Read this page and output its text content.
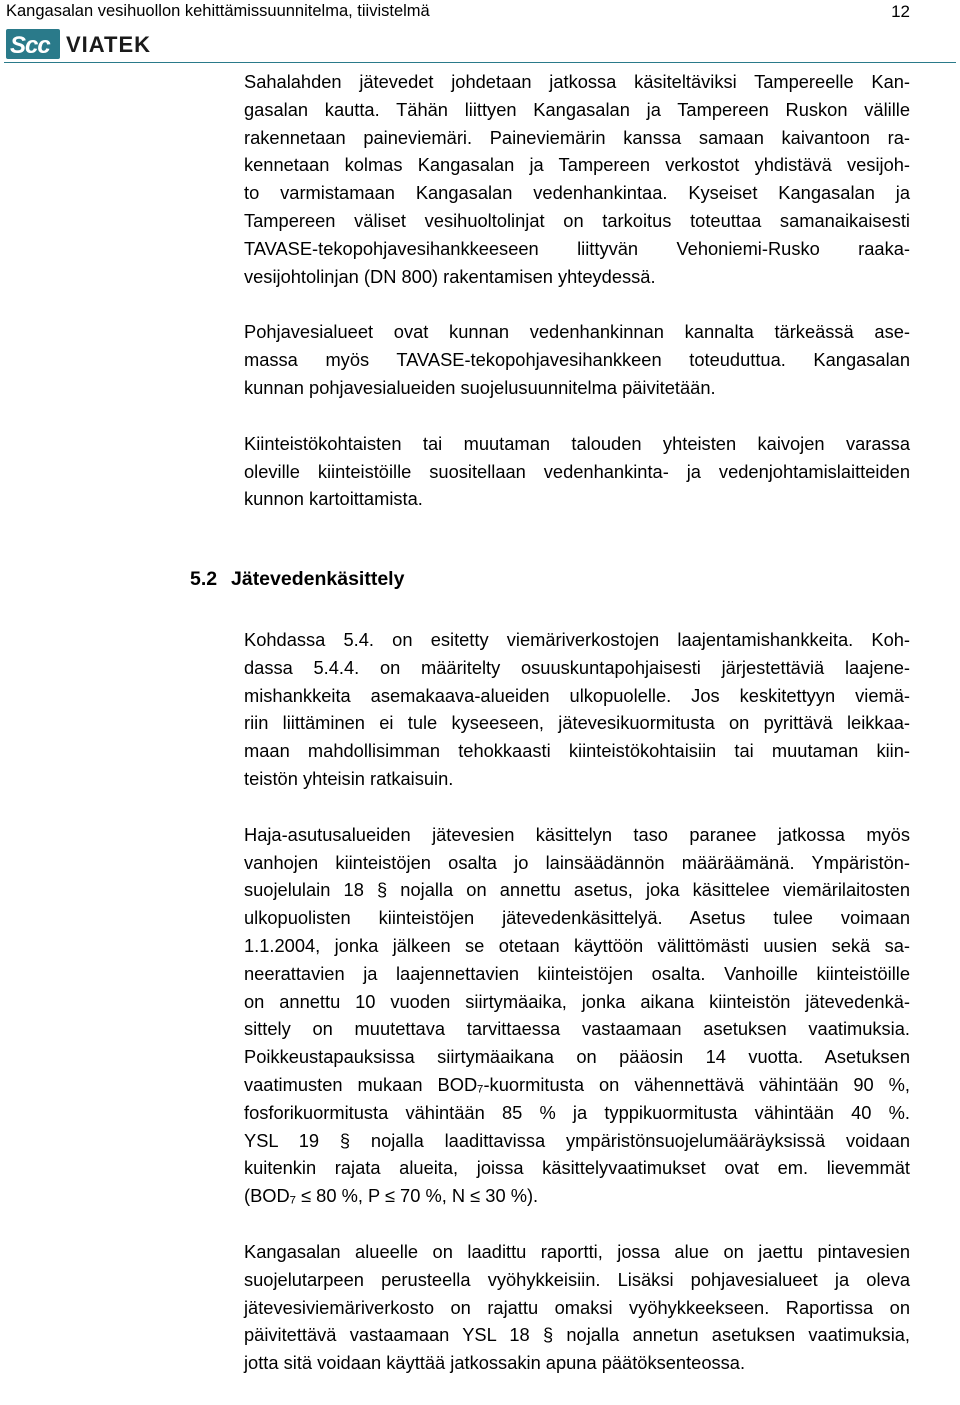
Kangasalan vesihuollon kehittämissuunnitelma, tiivistelmä	12
Scc VIATEK

Sahalahden jätevedet johdetaan jatkossa käsiteltäviksi Tampereelle Kan-
gasalan kautta. Tähän liittyen Kangasalan ja Tampereen Ruskon välille
rakennetaan paineviemäri. Paineviemärin kanssa samaan kaivantoon ra-
kennetaan kolmas Kangasalan ja Tampereen verkostot yhdistävä vesijoh-
to varmistamaan Kangasalan vedenhankintaa. Kyseiset Kangasalan ja
Tampereen väliset vesihuoltolinjat on tarkoitus toteuttaa samanaikaisesti
TAVASE-tekopohjavesihankkeeseen liittyvän Vehoniemi-Rusko raaka-
vesijohtolinjan (DN 800) rakentamisen yhteydessä.

Pohjavesialueet ovat kunnan vedenhankinnan kannalta tärkeässä ase-
massa myös TAVASE-tekopohjavesihankkeen toteuduttua. Kangasalan
kunnan pohjavesialueiden suojelusuunnitelma päivitetään.

Kiinteistökohtaisten tai muutaman talouden yhteisten kaivojen varassa
oleville kiinteistöille suositellaan vedenhankinta- ja vedenjohtamislaitteiden
kunnon kartoittamista.

5.2 Jätevedenkäsittely

Kohdassa 5.4. on esitetty viemäriverkostojen laajentamishankkeita. Koh-
dassa 5.4.4. on määritelty osuuskuntapohjaisesti järjestettäviä laajene-
mishankkeita asemakaava-alueiden ulkopuolelle. Jos keskitettyyn viemä-
riin liittäminen ei tule kyseeseen, jätevesikuormitusta on pyrittävä leikkaa-
maan mahdollisimman tehokkaasti kiinteistökohtaisiin tai muutaman kiin-
teistön yhteisin ratkaisuin.

Haja-asutusalueiden jätevesien käsittelyn taso paranee jatkossa myös
vanhojen kiinteistöjen osalta jo lainsäädännön määräämänä. Ympäristön-
suojelulain 18 § nojalla on annettu asetus, joka käsittelee viemärilaitosten
ulkopuolisten kiinteistöjen jätevedenkäsittelyä. Asetus tulee voimaan
1.1.2004, jonka jälkeen se otetaan käyttöön välittömästi uusien sekä sa-
neerattavien ja laajennettavien kiinteistöjen osalta. Vanhoille kiinteistöille
on annettu 10 vuoden siirtymäaika, jonka aikana kiinteistön jätevedenkä-
sittely on muutettava tarvittaessa vastaamaan asetuksen vaatimuksia.
Poikkeustapauksissa siirtymäaikana on pääosin 14 vuotta. Asetuksen
vaatimusten mukaan BOD₇-kuormitusta on vähennettävä vähintään 90 %,
fosforikuormitusta vähintään 85 % ja typpikuormitusta vähintään 40 %.
YSL 19 § nojalla laadittavissa ympäristönsuojelumääräyksissä voidaan
kuitenkin rajata alueita, joissa käsittelyvaatimukset ovat em. lievemmät
(BOD₇ ≤ 80 %, P ≤ 70 %, N ≤ 30 %).

Kangasalan alueelle on laadittu raportti, jossa alue on jaettu pintavesien
suojelutarpeen perusteella vyöhykkeisiin. Lisäksi pohjavesialueet ja oleva
jätevesiviemäriverkosto on rajattu omaksi vyöhykkeekseen. Raportissa on
päivitettävä vastaamaan YSL 18 § nojalla annetun asetuksen vaatimuksia,
jotta sitä voidaan käyttää jatkossakin apuna päätöksenteossa.
